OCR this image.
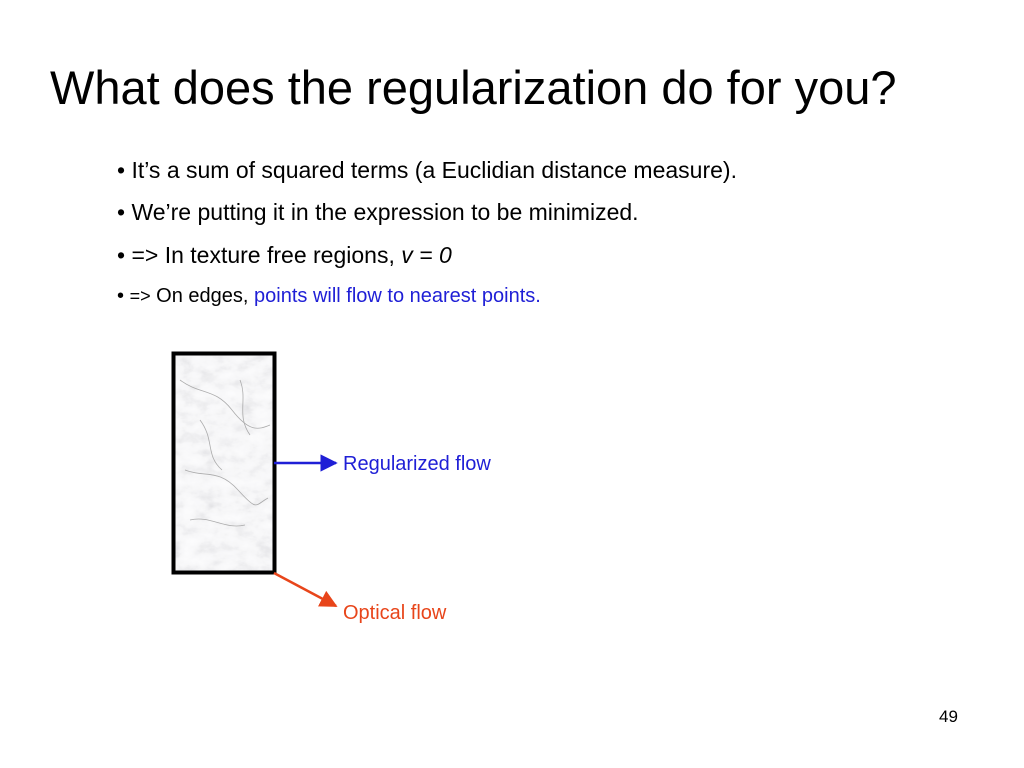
What does the regularization do for you?
• It’s a sum of squared terms (a Euclidian distance measure).
• We’re putting it in the expression to be minimized.
• => In texture free regions, v = 0
• => On edges, points will flow to nearest points.
Regularized flow
Optical flow
49
